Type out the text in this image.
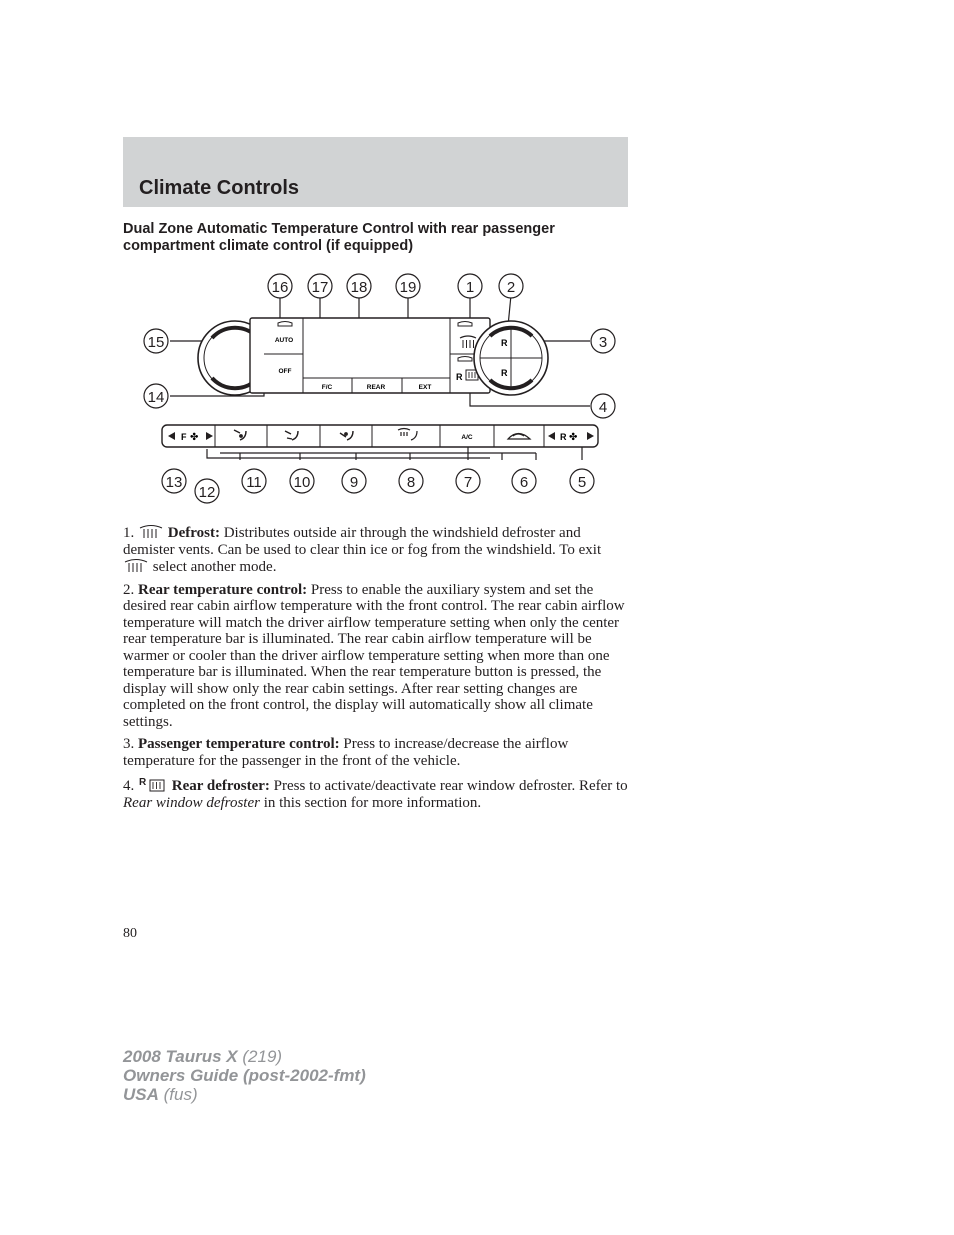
Climate Controls
Dual Zone Automatic Temperature Control with rear passenger compartment climate control (if equipped)
AUTO
OFF
F/C	REAR	EXT
R
R
R
F ✤	A/C	R ✤
16 17 18 19	1 2
15
14
3
4
13
12
11 10	9	8	7	6	5

1. Defrost: Distributes outside air through the windshield defroster and demister vents. Can be used to clear thin ice or fog from the windshield. To exit  select another mode.

2. Rear temperature control: Press to enable the auxiliary system and set the desired rear cabin airflow temperature with the front control. The rear cabin airflow temperature will match the driver airflow temperature setting when only the center rear temperature bar is illuminated. The rear cabin airflow temperature will be warmer or cooler than the driver airflow temperature setting when more than one temperature bar is illuminated. When the rear temperature button is pressed, the display will show only the rear cabin settings. After rear setting changes are completed on the front control, the display will automatically show all climate settings.

3. Passenger temperature control: Press to increase/decrease the airflow temperature for the passenger in the front of the vehicle.

4. R Rear defroster: Press to activate/deactivate rear window defroster. Refer to Rear window defroster in this section for more information.

80
2008 Taurus X (219)
Owners Guide (post-2002-fmt)
USA (fus)
